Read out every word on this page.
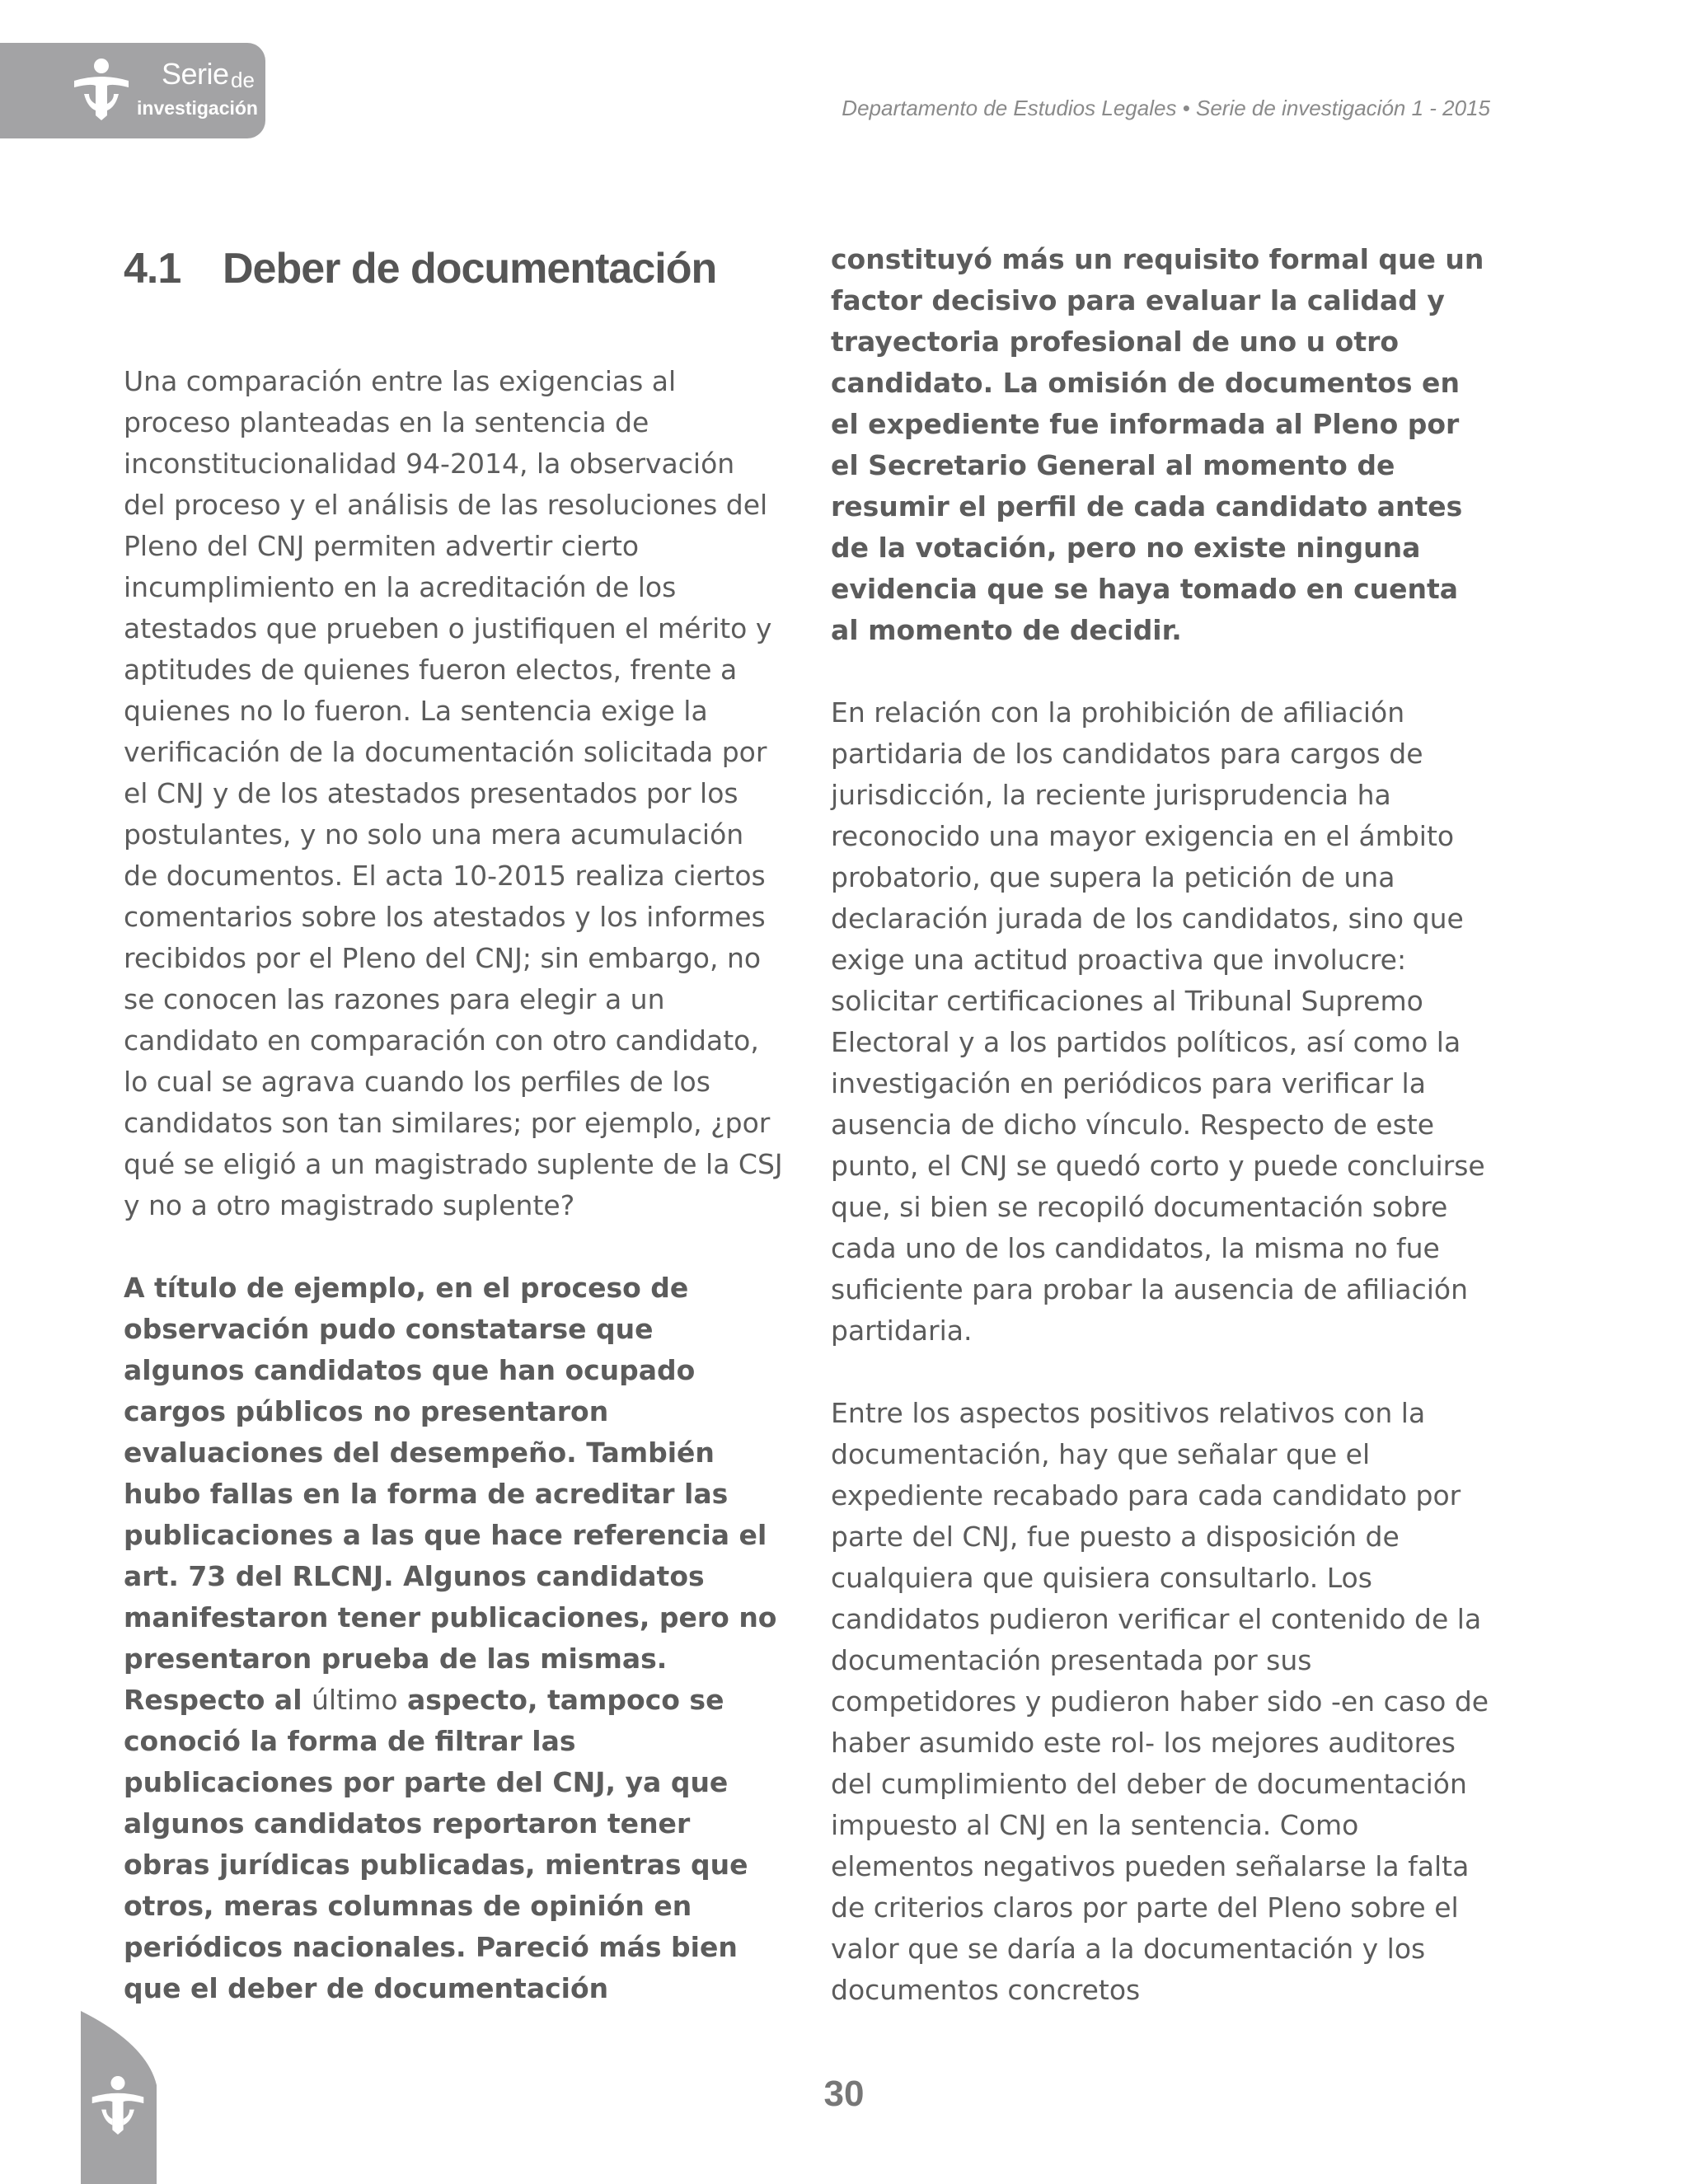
Serie de
investigación	Departamento de Estudios Legales • Serie de investigación 1 - 2015
4.1 Deber de documentación

Una comparación entre las exigencias al proceso planteadas en la sentencia de inconstitucionalidad 94-2014, la observación del proceso y el análisis de las resoluciones del Pleno del CNJ permiten advertir cierto incumplimiento en la acreditación de los atestados que prueben o justifiquen el mérito y aptitudes de quienes fueron electos, frente a quienes no lo fueron. La sentencia exige la verificación de la documentación solicitada por el CNJ y de los atestados presentados por los postulantes, y no solo una mera acumulación de documentos. El acta 10-2015 realiza ciertos comentarios sobre los atestados y los informes recibidos por el Pleno del CNJ; sin embargo, no se conocen las razones para elegir a un candidato en comparación con otro candidato, lo cual se agrava cuando los perfiles de los candidatos son tan similares; por ejemplo, ¿por qué se eligió a un magistrado suplente de la CSJ y no a otro magistrado suplente?

A título de ejemplo, en el proceso de observación pudo constatarse que algunos candidatos que han ocupado cargos públicos no presentaron evaluaciones del desempeño. También hubo fallas en la forma de acreditar las publicaciones a las que hace referencia el art. 73 del RLCNJ. Algunos candidatos manifestaron tener publicaciones, pero no presentaron prueba de las mismas. Respecto al último aspecto, tampoco se conoció la forma de filtrar las publicaciones por parte del CNJ, ya que algunos candidatos reportaron tener obras jurídicas publicadas, mientras que otros, meras columnas de opinión en periódicos nacionales. Pareció más bien que el deber de documentación

constituyó más un requisito formal que un factor decisivo para evaluar la calidad y trayectoria profesional de uno u otro candidato. La omisión de documentos en el expediente fue informada al Pleno por el Secretario General al momento de resumir el perfil de cada candidato antes de la votación, pero no existe ninguna evidencia que se haya tomado en cuenta al momento de decidir.

En relación con la prohibición de afiliación partidaria de los candidatos para cargos de jurisdicción, la reciente jurisprudencia ha reconocido una mayor exigencia en el ámbito probatorio, que supera la petición de una declaración jurada de los candidatos, sino que exige una actitud proactiva que involucre: solicitar certificaciones al Tribunal Supremo Electoral y a los partidos políticos, así como la investigación en periódicos para verificar la ausencia de dicho vínculo. Respecto de este punto, el CNJ se quedó corto y puede concluirse que, si bien se recopiló documentación sobre cada uno de los candidatos, la misma no fue suficiente para probar la ausencia de afiliación partidaria.

Entre los aspectos positivos relativos con la documentación, hay que señalar que el expediente recabado para cada candidato por parte del CNJ, fue puesto a disposición de cualquiera que quisiera consultarlo. Los candidatos pudieron verificar el contenido de la documentación presentada por sus competidores y pudieron haber sido -en caso de haber asumido este rol- los mejores auditores del cumplimiento del deber de documentación impuesto al CNJ en la sentencia. Como elementos negativos pueden señalarse la falta de criterios claros por parte del Pleno sobre el valor que se daría a la documentación y los documentos concretos

30
